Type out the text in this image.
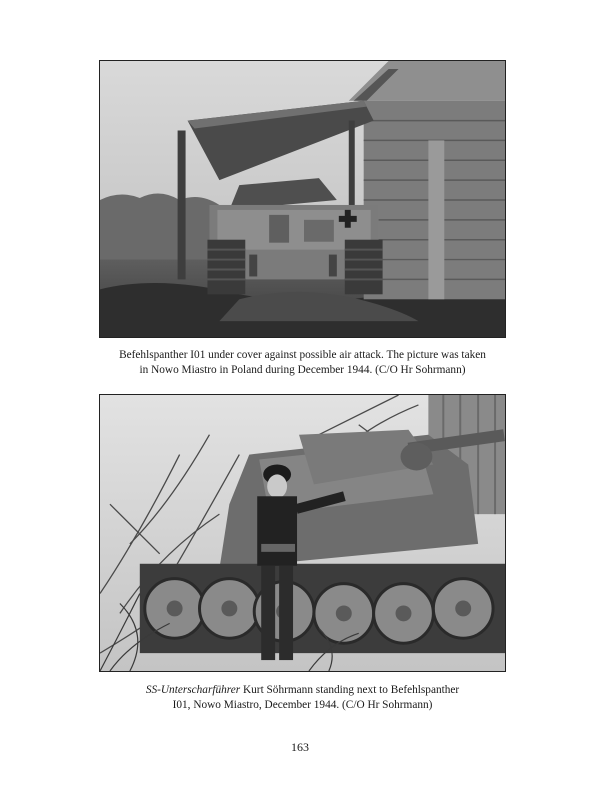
Befehlspanther I01 under cover against possible air attack. The picture was taken

in Nowo Miastro in Poland during December 1944. (C/O Hr Sohrmann)

SS-Unterscharführer Kurt Söhrmann standing next to Befehlspanther

I01, Nowo Miastro, December 1944. (C/O Hr Sohrmann)

163
